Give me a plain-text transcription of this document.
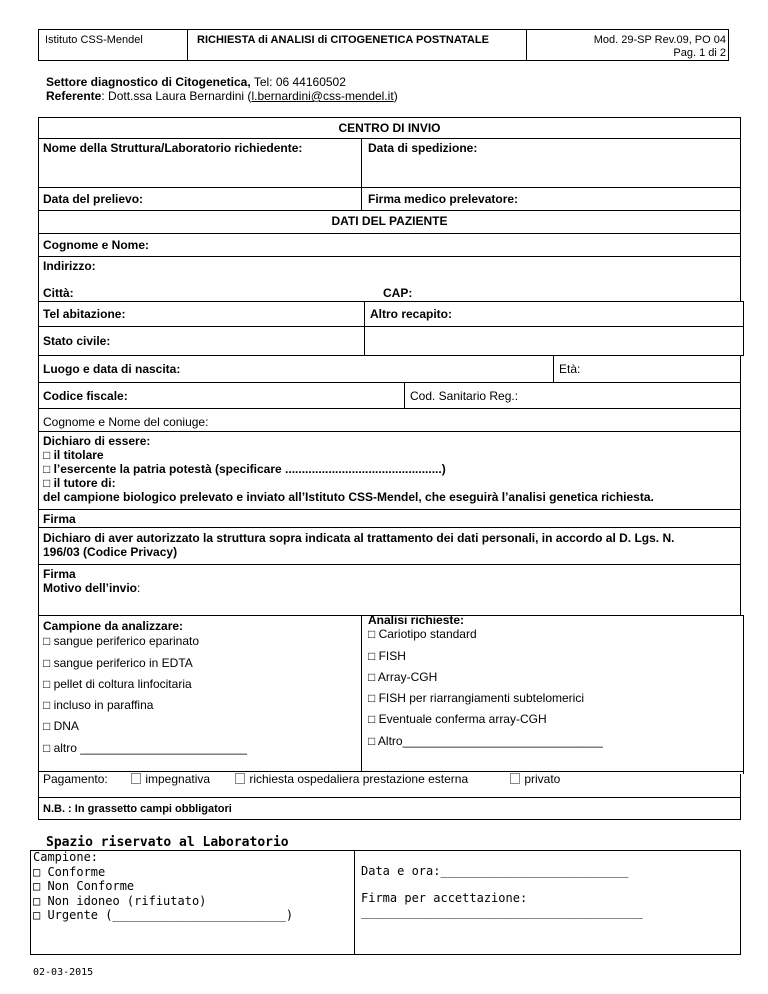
Istituto CSS-Mendel	RICHIESTA di ANALISI di CITOGENETICA POSTNATALE	Mod. 29-SP Rev.09, PO 04
Pag. 1 di 2
Settore diagnostico di Citogenetica, Tel: 06 44160502
Referente: Dott.ssa Laura Bernardini (l.bernardini@css-mendel.it)
CENTRO DI INVIO
Nome della Struttura/Laboratorio richiedente:	Data di spedizione:
Data del prelievo:	Firma medico prelevatore:
DATI DEL PAZIENTE
Cognome e Nome:
Indirizzo:
Città:	CAP:
Tel abitazione:	Altro recapito:
Stato civile:
Luogo e data di nascita:	Età:
Codice fiscale:	Cod. Sanitario Reg.:
Cognome e Nome del coniuge:
Dichiaro di essere:
□ il titolare
□ l’esercente la patria potestà (specificare ...............................................)
□ il tutore di:
del campione biologico prelevato e inviato all’Istituto CSS-Mendel, che eseguirà l’analisi genetica richiesta.
Firma
Dichiaro di aver autorizzato la struttura sopra indicata al trattamento dei dati personali, in accordo al D. Lgs. N.
196/03 (Codice Privacy)
Firma
Motivo dell’invio:
Campione da analizzare:
□ sangue periferico eparinato
□ sangue periferico in EDTA
□ pellet di coltura linfocitaria
□ incluso in paraffina
□ DNA
□ altro _________________________
Analisi richieste:
□ Cariotipo standard
□ FISH
□ Array-CGH
□ FISH per riarrangiamenti subtelomerici
□ Eventuale conferma array-CGH
□ Altro______________________________
Pagamento:	impegnativa	richiesta ospedaliera prestazione esterna	privato
N.B. : In grassetto campi obbligatori
Spazio riservato al Laboratorio
Campione:
□ Conforme
□ Non Conforme
□ Non idoneo (rifiutato)
□ Urgente (________________________)
Data e ora:__________________________
Firma per accettazione:
_______________________________________
02-03-2015
